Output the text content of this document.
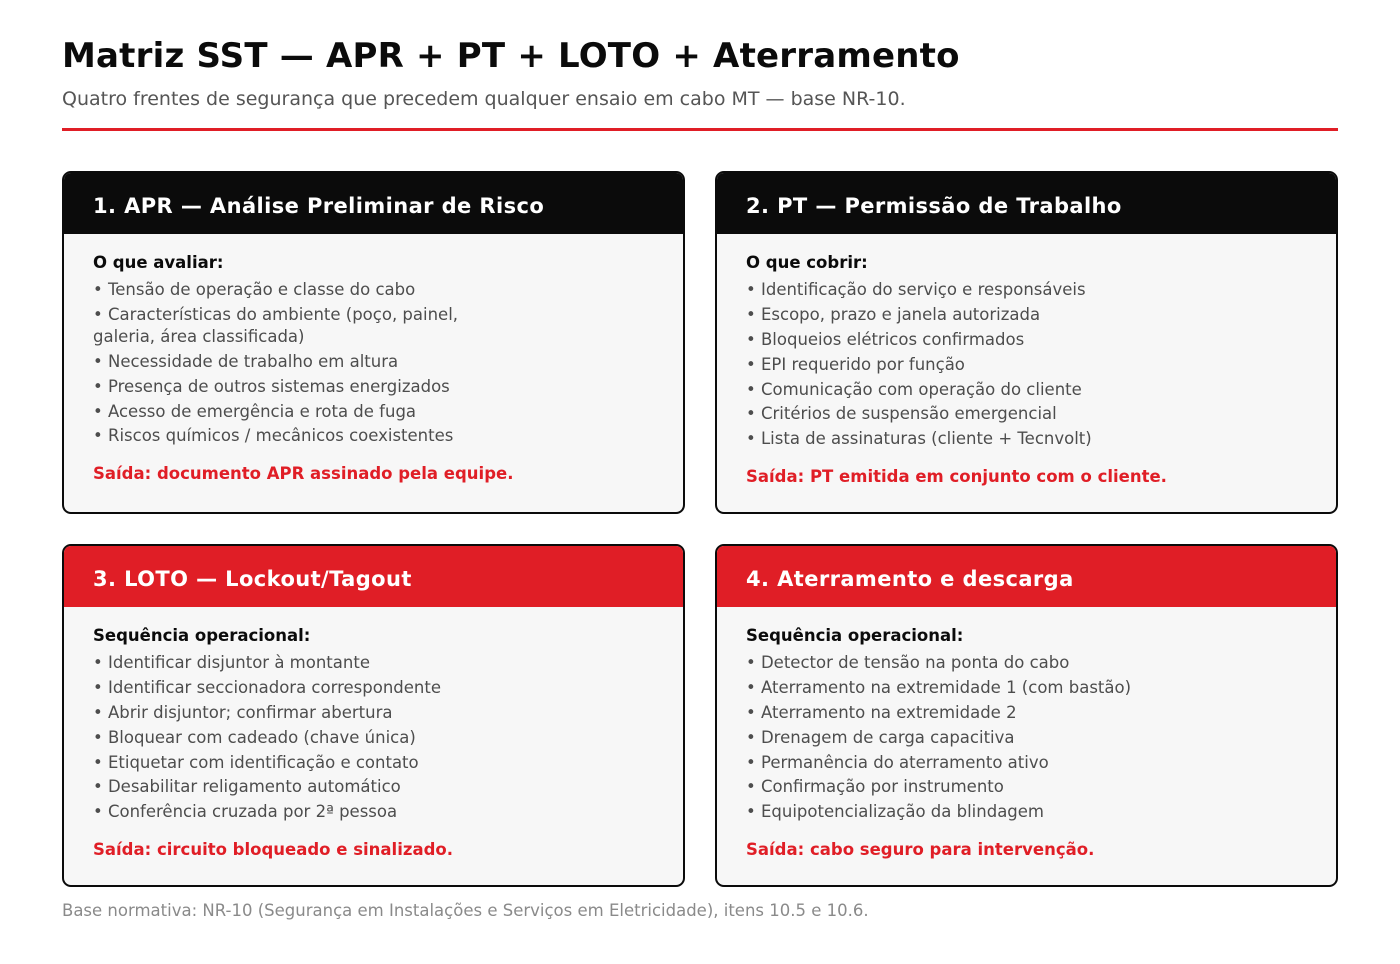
Matriz SST — APR + PT + LOTO + Aterramento
Quatro frentes de segurança que precedem qualquer ensaio em cabo MT — base NR-10.
1. APR — Análise Preliminar de Risco
O que avaliar:
• Tensão de operação e classe do cabo
• Características do ambiente (poço, painel, galeria, área classificada)
• Necessidade de trabalho em altura
• Presença de outros sistemas energizados
• Acesso de emergência e rota de fuga
• Riscos químicos / mecânicos coexistentes
Saída: documento APR assinado pela equipe.
2. PT — Permissão de Trabalho
O que cobrir:
• Identificação do serviço e responsáveis
• Escopo, prazo e janela autorizada
• Bloqueios elétricos confirmados
• EPI requerido por função
• Comunicação com operação do cliente
• Critérios de suspensão emergencial
• Lista de assinaturas (cliente + Tecnvolt)
Saída: PT emitida em conjunto com o cliente.
3. LOTO — Lockout/Tagout
Sequência operacional:
• Identificar disjuntor à montante
• Identificar seccionadora correspondente
• Abrir disjuntor; confirmar abertura
• Bloquear com cadeado (chave única)
• Etiquetar com identificação e contato
• Desabilitar religamento automático
• Conferência cruzada por 2ª pessoa
Saída: circuito bloqueado e sinalizado.
4. Aterramento e descarga
Sequência operacional:
• Detector de tensão na ponta do cabo
• Aterramento na extremidade 1 (com bastão)
• Aterramento na extremidade 2
• Drenagem de carga capacitiva
• Permanência do aterramento ativo
• Confirmação por instrumento
• Equipotencialização da blindagem
Saída: cabo seguro para intervenção.
Base normativa: NR-10 (Segurança em Instalações e Serviços em Eletricidade), itens 10.5 e 10.6.
